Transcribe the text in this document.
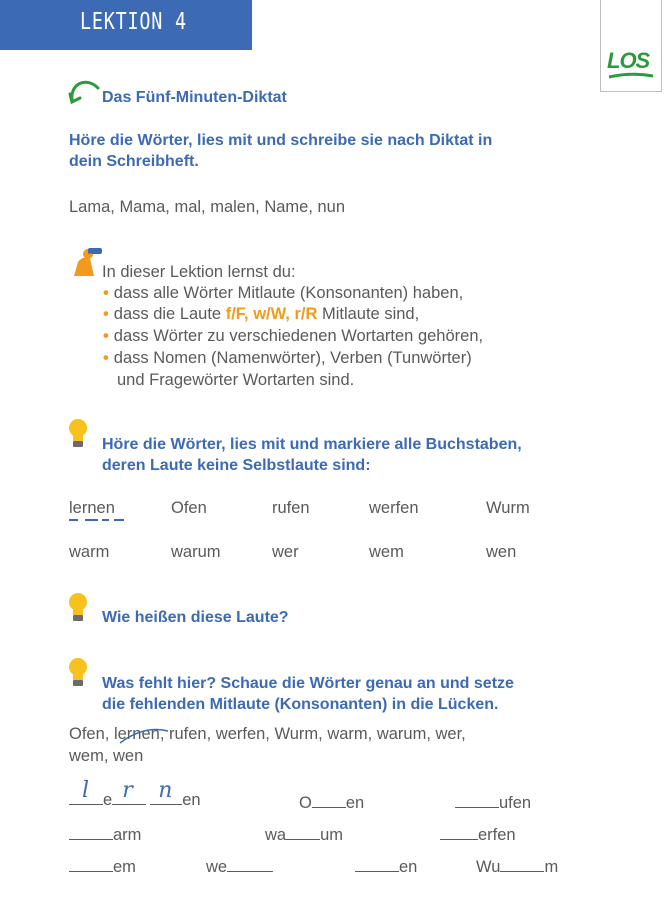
LEKTION 4
LOS
Das Fünf-Minuten-Diktat
Höre die Wörter, lies mit und schreibe sie nach Diktat in
dein Schreibheft.
Lama, Mama, mal, malen, Name, nun
In dieser Lektion lernst du:
• dass alle Wörter Mitlaute (Konsonanten) haben,
• dass die Laute f/F, w/W, r/R Mitlaute sind,
• dass Wörter zu verschiedenen Wortarten gehören,
• dass Nomen (Namenwörter), Verben (Tunwörter)
und Fragewörter Wortarten sind.
Höre die Wörter, lies mit und markiere alle Buchstaben,
deren Laute keine Selbstlaute sind:
lernen	Ofen	rufen	werfen	Wurm
warm	warum	wer	wem	wen
Wie heißen diese Laute?
Was fehlt hier? Schaue die Wörter genau an und setze
die fehlenden Mitlaute (Konsonanten) in die Lücken.
Ofen, lernen
, rufen, werfen, Wurm, warm, warum, wer,
wem, wen
l e r n en	O en	ufen
arm	wa um	erfen
em	we	en	Wu	m
